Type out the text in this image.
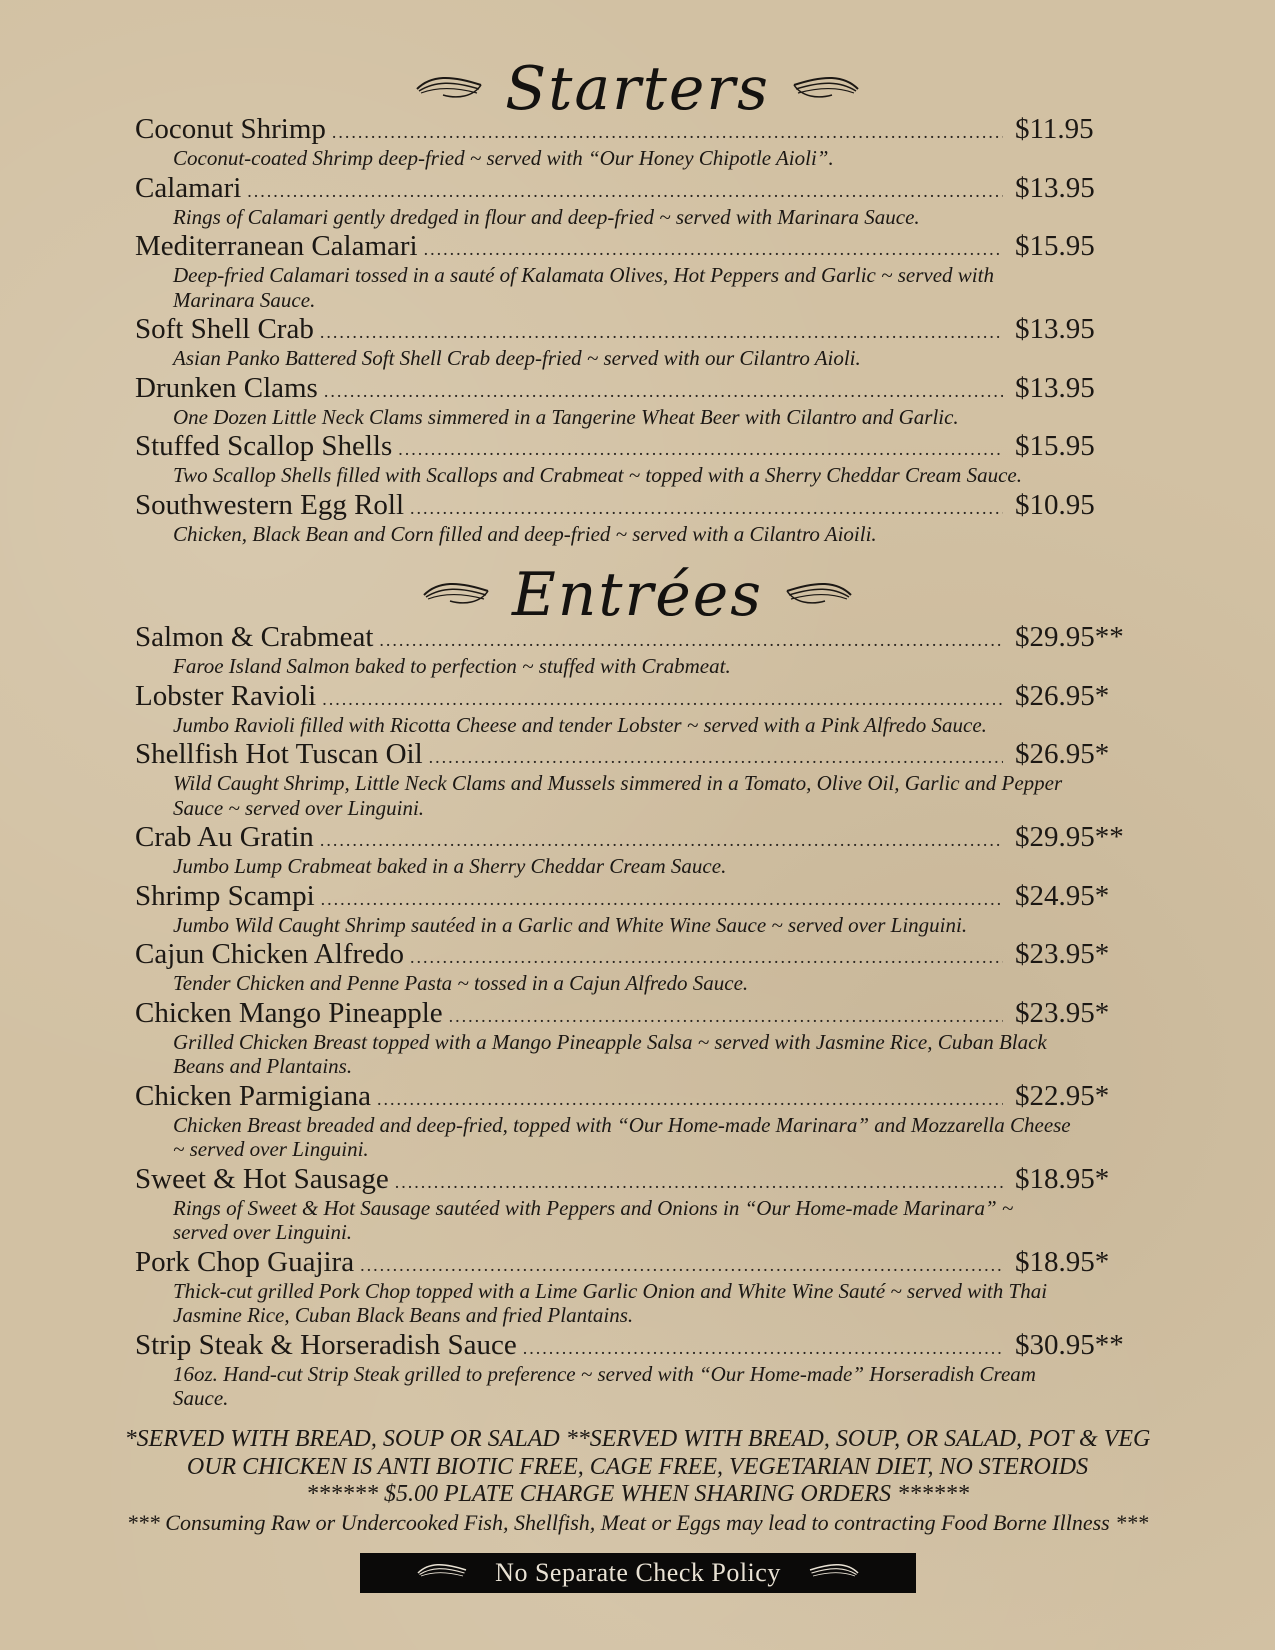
Starters
Coconut Shrimp .....	$11.95

Coconut-coated Shrimp deep-fried ~ served with “Our Honey Chipotle Aioli”.

Calamari .....	$13.95

Rings of Calamari gently dredged in flour and deep-fried ~ served with Marinara Sauce.

Mediterranean Calamari .....	$15.95

Deep-fried Calamari tossed in a sauté of Kalamata Olives, Hot Peppers and Garlic ~ served with Marinara Sauce.

Soft Shell Crab .....	$13.95

Asian Panko Battered Soft Shell Crab deep-fried ~ served with our Cilantro Aioli.

Drunken Clams .....	$13.95

One Dozen Little Neck Clams simmered in a Tangerine Wheat Beer with Cilantro and Garlic.

Stuffed Scallop Shells .....	$15.95

Two Scallop Shells filled with Scallops and Crabmeat ~ topped with a Sherry Cheddar Cream Sauce.

Southwestern Egg Roll .....	$10.95

Chicken, Black Bean and Corn filled and deep-fried ~ served with a Cilantro Aioili.

Entrées
Salmon & Crabmeat .....	$29.95**

Faroe Island Salmon baked to perfection ~ stuffed with Crabmeat.

Lobster Ravioli .....	$26.95*

Jumbo Ravioli filled with Ricotta Cheese and tender Lobster ~ served with a Pink Alfredo Sauce.

Shellfish Hot Tuscan Oil .....	$26.95*

Wild Caught Shrimp, Little Neck Clams and Mussels simmered in a Tomato, Olive Oil, Garlic and Pepper Sauce ~ served over Linguini.

Crab Au Gratin .....	$29.95**

Jumbo Lump Crabmeat baked in a Sherry Cheddar Cream Sauce.

Shrimp Scampi .....	$24.95*

Jumbo Wild Caught Shrimp sautéed in a Garlic and White Wine Sauce ~ served over Linguini.

Cajun Chicken Alfredo .....	$23.95*

Tender Chicken and Penne Pasta ~ tossed in a Cajun Alfredo Sauce.

Chicken Mango Pineapple .....	$23.95*

Grilled Chicken Breast topped with a Mango Pineapple Salsa ~ served with Jasmine Rice, Cuban Black Beans and Plantains.

Chicken Parmigiana .....	$22.95*

Chicken Breast breaded and deep-fried, topped with “Our Home-made Marinara” and Mozzarella Cheese ~ served over Linguini.

Sweet & Hot Sausage .....	$18.95*

Rings of Sweet & Hot Sausage sautéed with Peppers and Onions in “Our Home-made Marinara” ~ served over Linguini.

Pork Chop Guajira .....	$18.95*

Thick-cut grilled Pork Chop topped with a Lime Garlic Onion and White Wine Sauté ~ served with Thai Jasmine Rice, Cuban Black Beans and fried Plantains.

Strip Steak & Horseradish Sauce .....	$30.95**

16oz. Hand-cut Strip Steak grilled to preference ~ served with “Our Home-made” Horseradish Cream Sauce.

*SERVED WITH BREAD, SOUP OR SALAD **SERVED WITH BREAD, SOUP, OR SALAD, POT & VEG
OUR CHICKEN IS ANTI BIOTIC FREE, CAGE FREE, VEGETARIAN DIET, NO STEROIDS
****** $5.00 PLATE CHARGE WHEN SHARING ORDERS ******
*** Consuming Raw or Undercooked Fish, Shellfish, Meat or Eggs may lead to contracting Food Borne Illness ***
No Separate Check Policy
